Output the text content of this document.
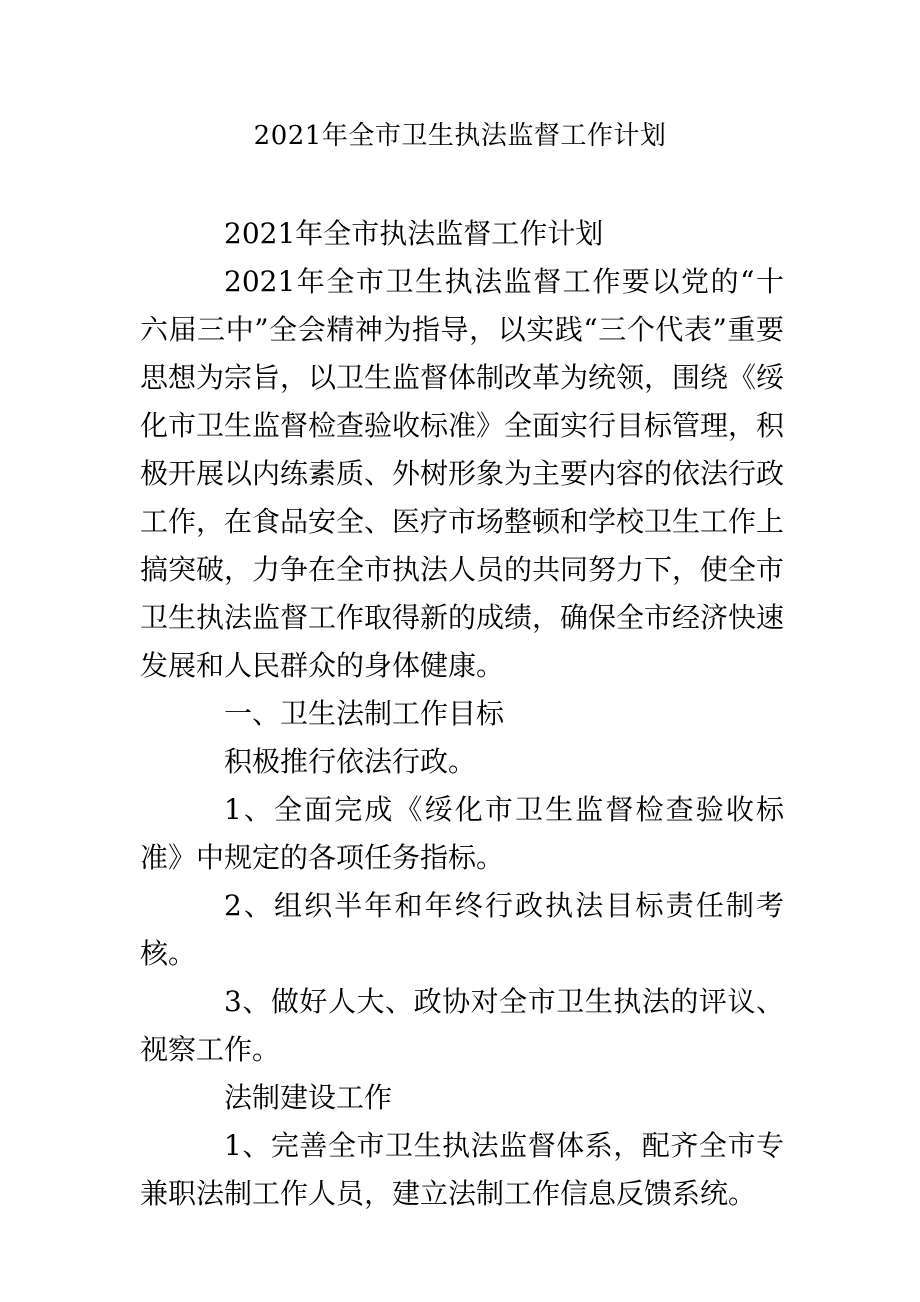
2021年全市卫生执法监督工作计划

2021年全市执法监督工作计划

2021年全市卫生执法监督工作要以党的“十六届三中”全会精神为指导，以实践“三个代表”重要思想为宗旨，以卫生监督体制改革为统领，围绕《绥化市卫生监督检查验收标准》全面实行目标管理，积极开展以内练素质、外树形象为主要内容的依法行政工作，在食品安全、医疗市场整顿和学校卫生工作上搞突破，力争在全市执法人员的共同努力下，使全市卫生执法监督工作取得新的成绩，确保全市经济快速发展和人民群众的身体健康。

一、卫生法制工作目标

积极推行依法行政。

1、全面完成《绥化市卫生监督检查验收标准》中规定的各项任务指标。

2、组织半年和年终行政执法目标责任制考核。

3、做好人大、政协对全市卫生执法的评议、视察工作。

法制建设工作

1、完善全市卫生执法监督体系，配齐全市专兼职法制工作人员，建立法制工作信息反馈系统。
